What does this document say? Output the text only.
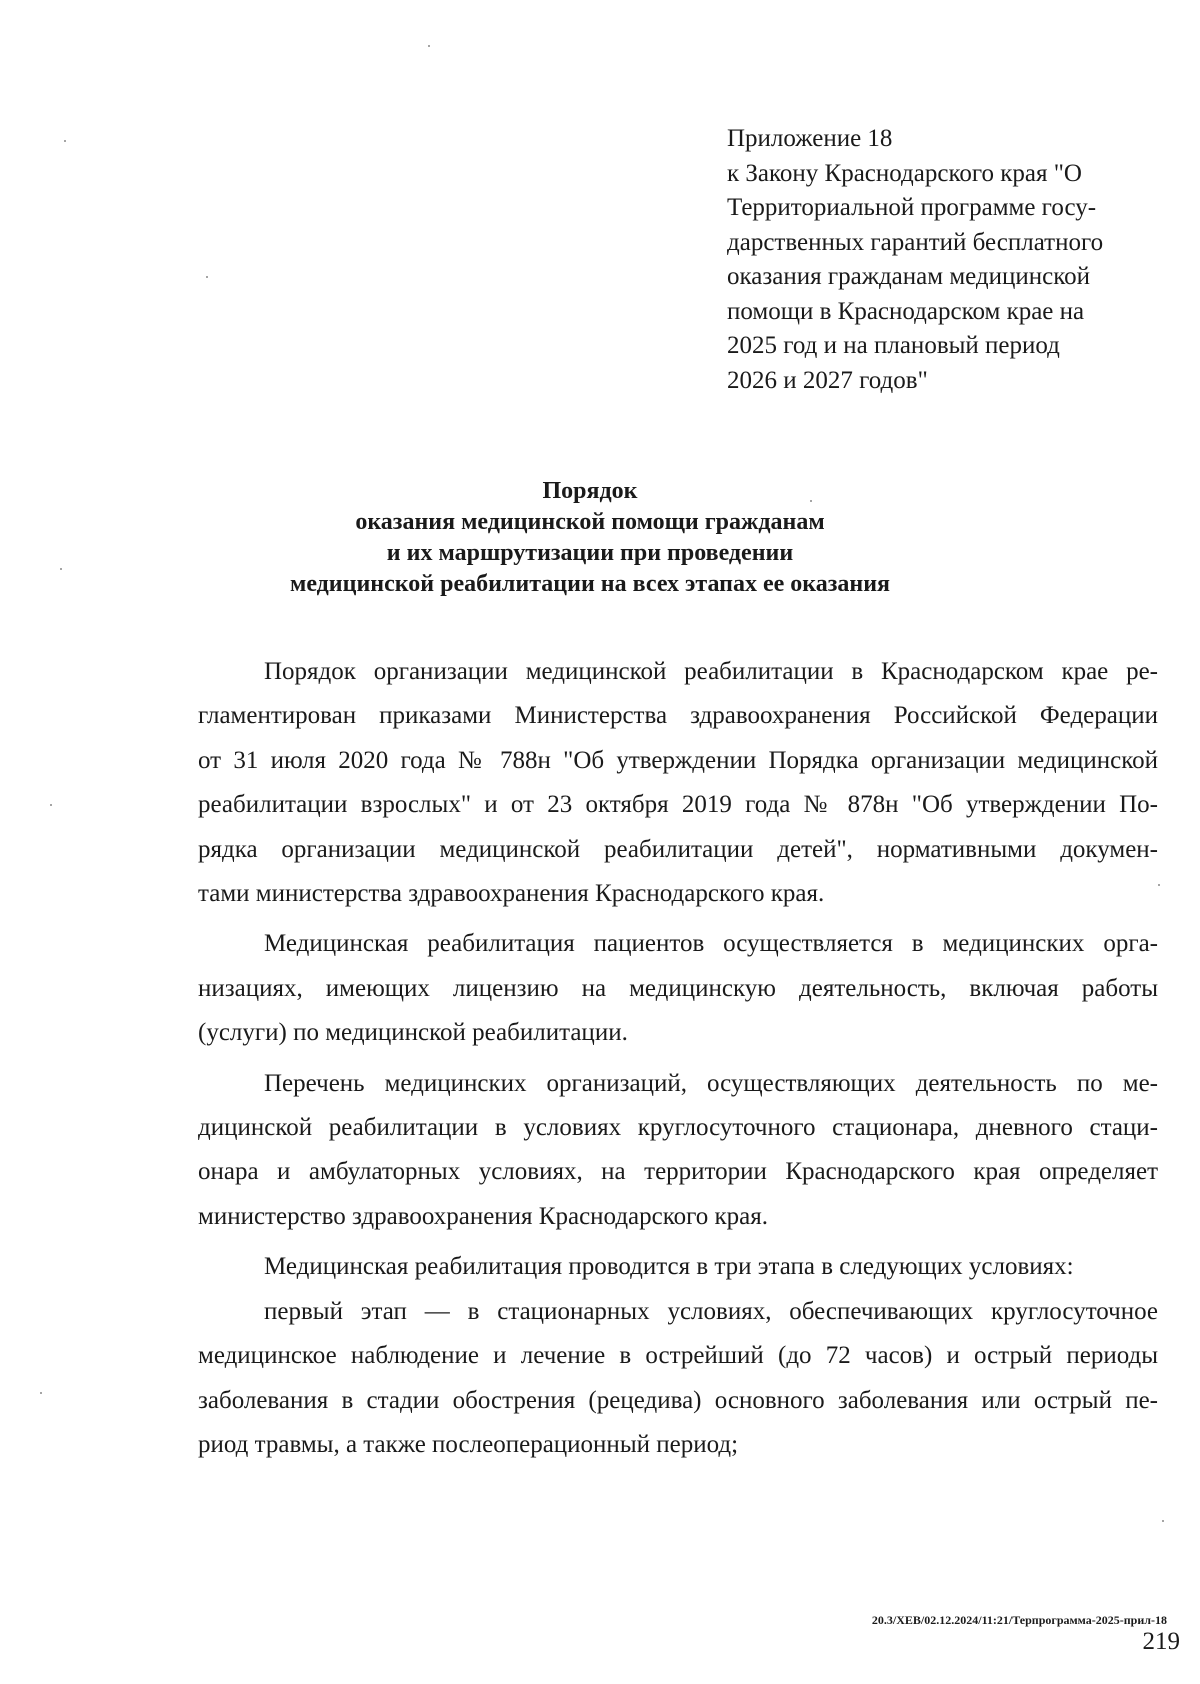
Приложение 18
к Закону Краснодарского края "О
Территориальной программе госу-
дарственных гарантий бесплатного
оказания гражданам медицинской
помощи в Краснодарском крае на
2025 год и на плановый период
2026 и 2027 годов"
Порядок
оказания медицинской помощи гражданам
и их маршрутизации при проведении
медицинской реабилитации на всех этапах ее оказания

Порядок организации медицинской реабилитации в Краснодарском крае ре-
гламентирован приказами Министерства здравоохранения Российской Федерации
от 31 июля 2020 года № 788н "Об утверждении Порядка организации медицинской
реабилитации взрослых" и от 23 октября 2019 года № 878н "Об утверждении По-
рядка организации медицинской реабилитации детей", нормативными докумен-
тами министерства здравоохранения Краснодарского края.

Медицинская реабилитация пациентов осуществляется в медицинских орга-
низациях, имеющих лицензию на медицинскую деятельность, включая работы
(услуги) по медицинской реабилитации.

Перечень медицинских организаций, осуществляющих деятельность по ме-
дицинской реабилитации в условиях круглосуточного стационара, дневного стаци-
онара и амбулаторных условиях, на территории Краснодарского края определяет
министерство здравоохранения Краснодарского края.

Медицинская реабилитация проводится в три этапа в следующих условиях:

первый этап — в стационарных условиях, обеспечивающих круглосуточное
медицинское наблюдение и лечение в острейший (до 72 часов) и острый периоды
заболевания в стадии обострения (рецедива) основного заболевания или острый пе-
риод травмы, а также послеоперационный период;

20.3/ХЕВ/02.12.2024/11:21/Терпрограмма-2025-прил-18
219
